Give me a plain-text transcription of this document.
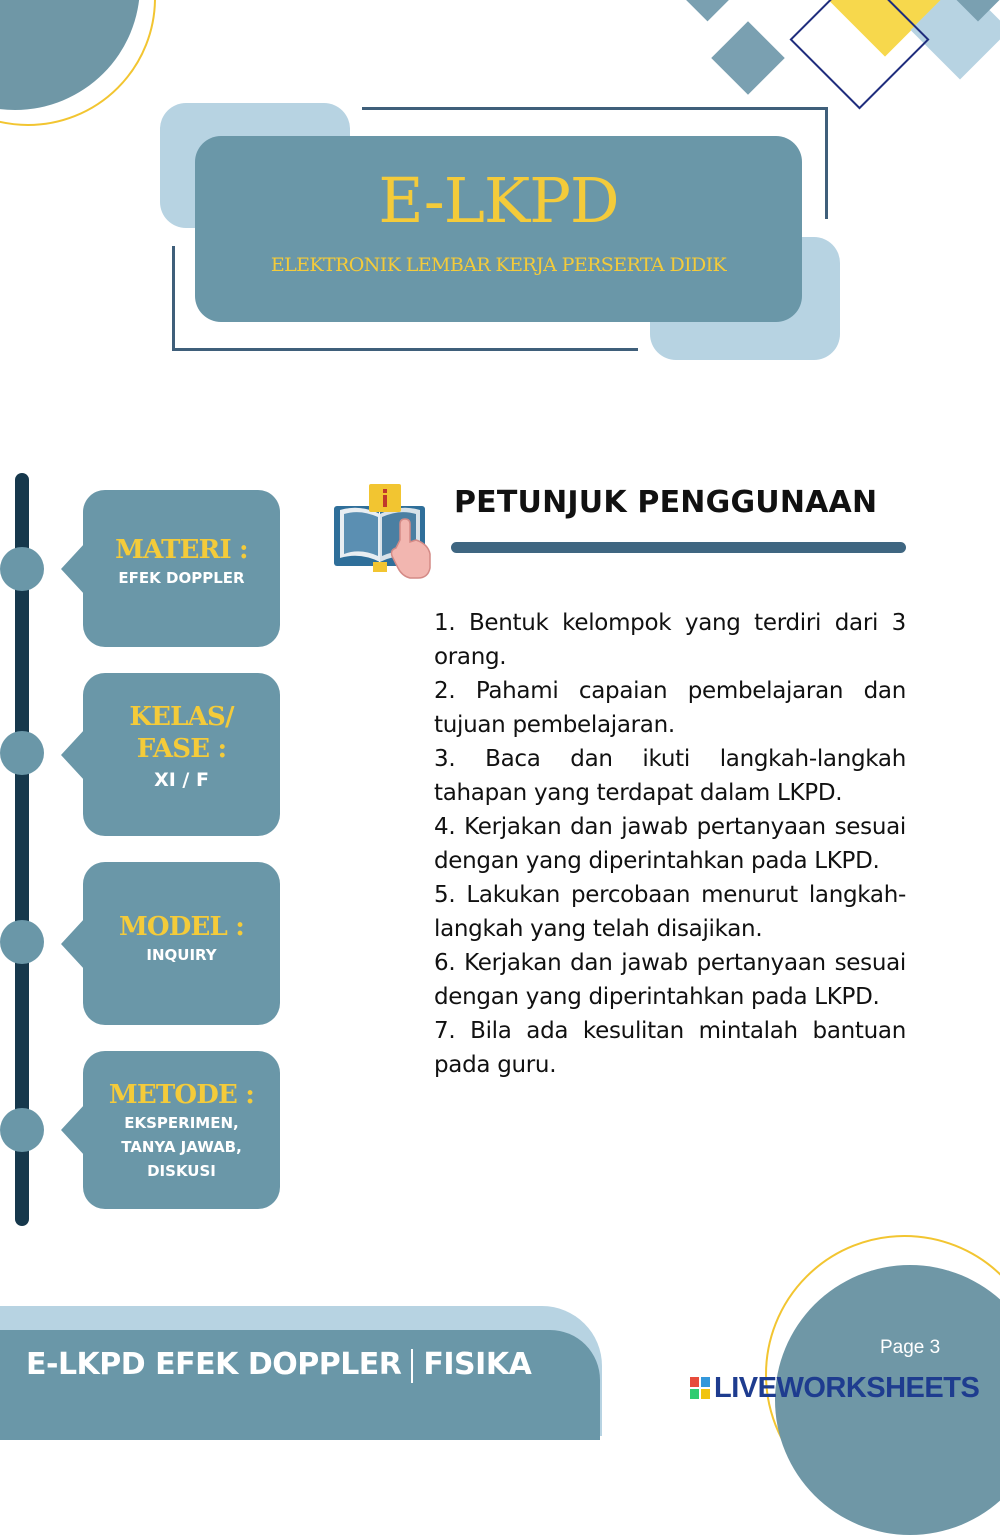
E-LKPD
ELEKTRONIK LEMBAR KERJA PERSERTA DIDIK
MATERI :
EFEK DOPPLER
KELAS/ FASE :
XI / F
MODEL :
INQUIRY
METODE :
EKSPERIMEN, TANYA JAWAB, DISKUSI
PETUNJUK PENGGUNAAN
1. Bentuk kelompok yang terdiri dari 3 orang.
2. Pahami capaian pembelajaran dan tujuan pembelajaran.
3. Baca dan ikuti langkah-langkah tahapan yang terdapat dalam LKPD.
4. Kerjakan dan jawab pertanyaan sesuai dengan yang diperintahkan pada LKPD.
5. Lakukan percobaan menurut langkah-langkah yang telah disajikan.
6. Kerjakan dan jawab pertanyaan sesuai dengan yang diperintahkan pada LKPD.
7. Bila ada kesulitan mintalah bantuan pada guru.
E-LKPD EFEK DOPPLER FISIKA	Page 3
LIVEWORKSHEETS
